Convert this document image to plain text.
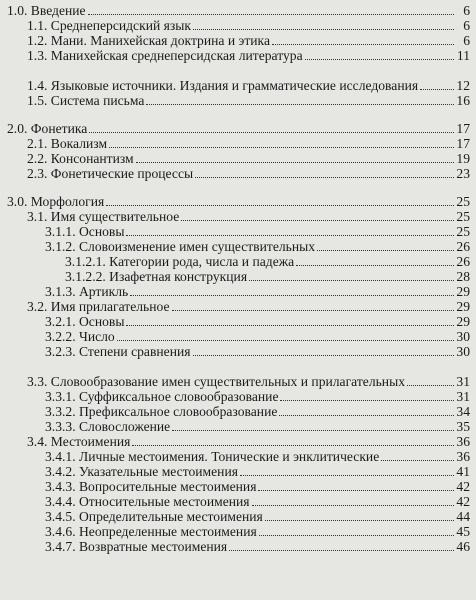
1.0. Введение	6
1.1. Среднеперсидский язык	6
1.2. Мани. Манихейская доктрина и этика	6
1.3. Манихейская среднеперсидская литература	11
1.4. Языковые источники. Издания и грамматические исследования	12
1.5. Система письма	16
2.0. Фонетика	17
2.1. Вокализм	17
2.2. Консонантизм	19
2.3. Фонетические процессы	23
3.0. Морфология	25
3.1. Имя существительное	25
3.1.1. Основы	25
3.1.2. Словоизменение имен существительных	26
3.1.2.1. Категории рода, числа и падежа	26
3.1.2.2. Изафетная конструкция	28
3.1.3. Артикль	29
3.2. Имя прилагательное	29
3.2.1. Основы	29
3.2.2. Число	30
3.2.3. Степени сравнения	30
3.3. Словообразование имен существительных и прилагательных	31
3.3.1. Суффиксальное словообразование	31
3.3.2. Префиксальное словообразование	34
3.3.3. Словосложение	35
3.4. Местоимения	36
3.4.1. Личные местоимения. Тонические и энклитические	36
3.4.2. Указательные местоимения	41
3.4.3. Вопросительные местоимения	42
3.4.4. Относительные местоимения	42
3.4.5. Определительные местоимения	44
3.4.6. Неопределенные местоимения	45
3.4.7. Возвратные местоимения	46
